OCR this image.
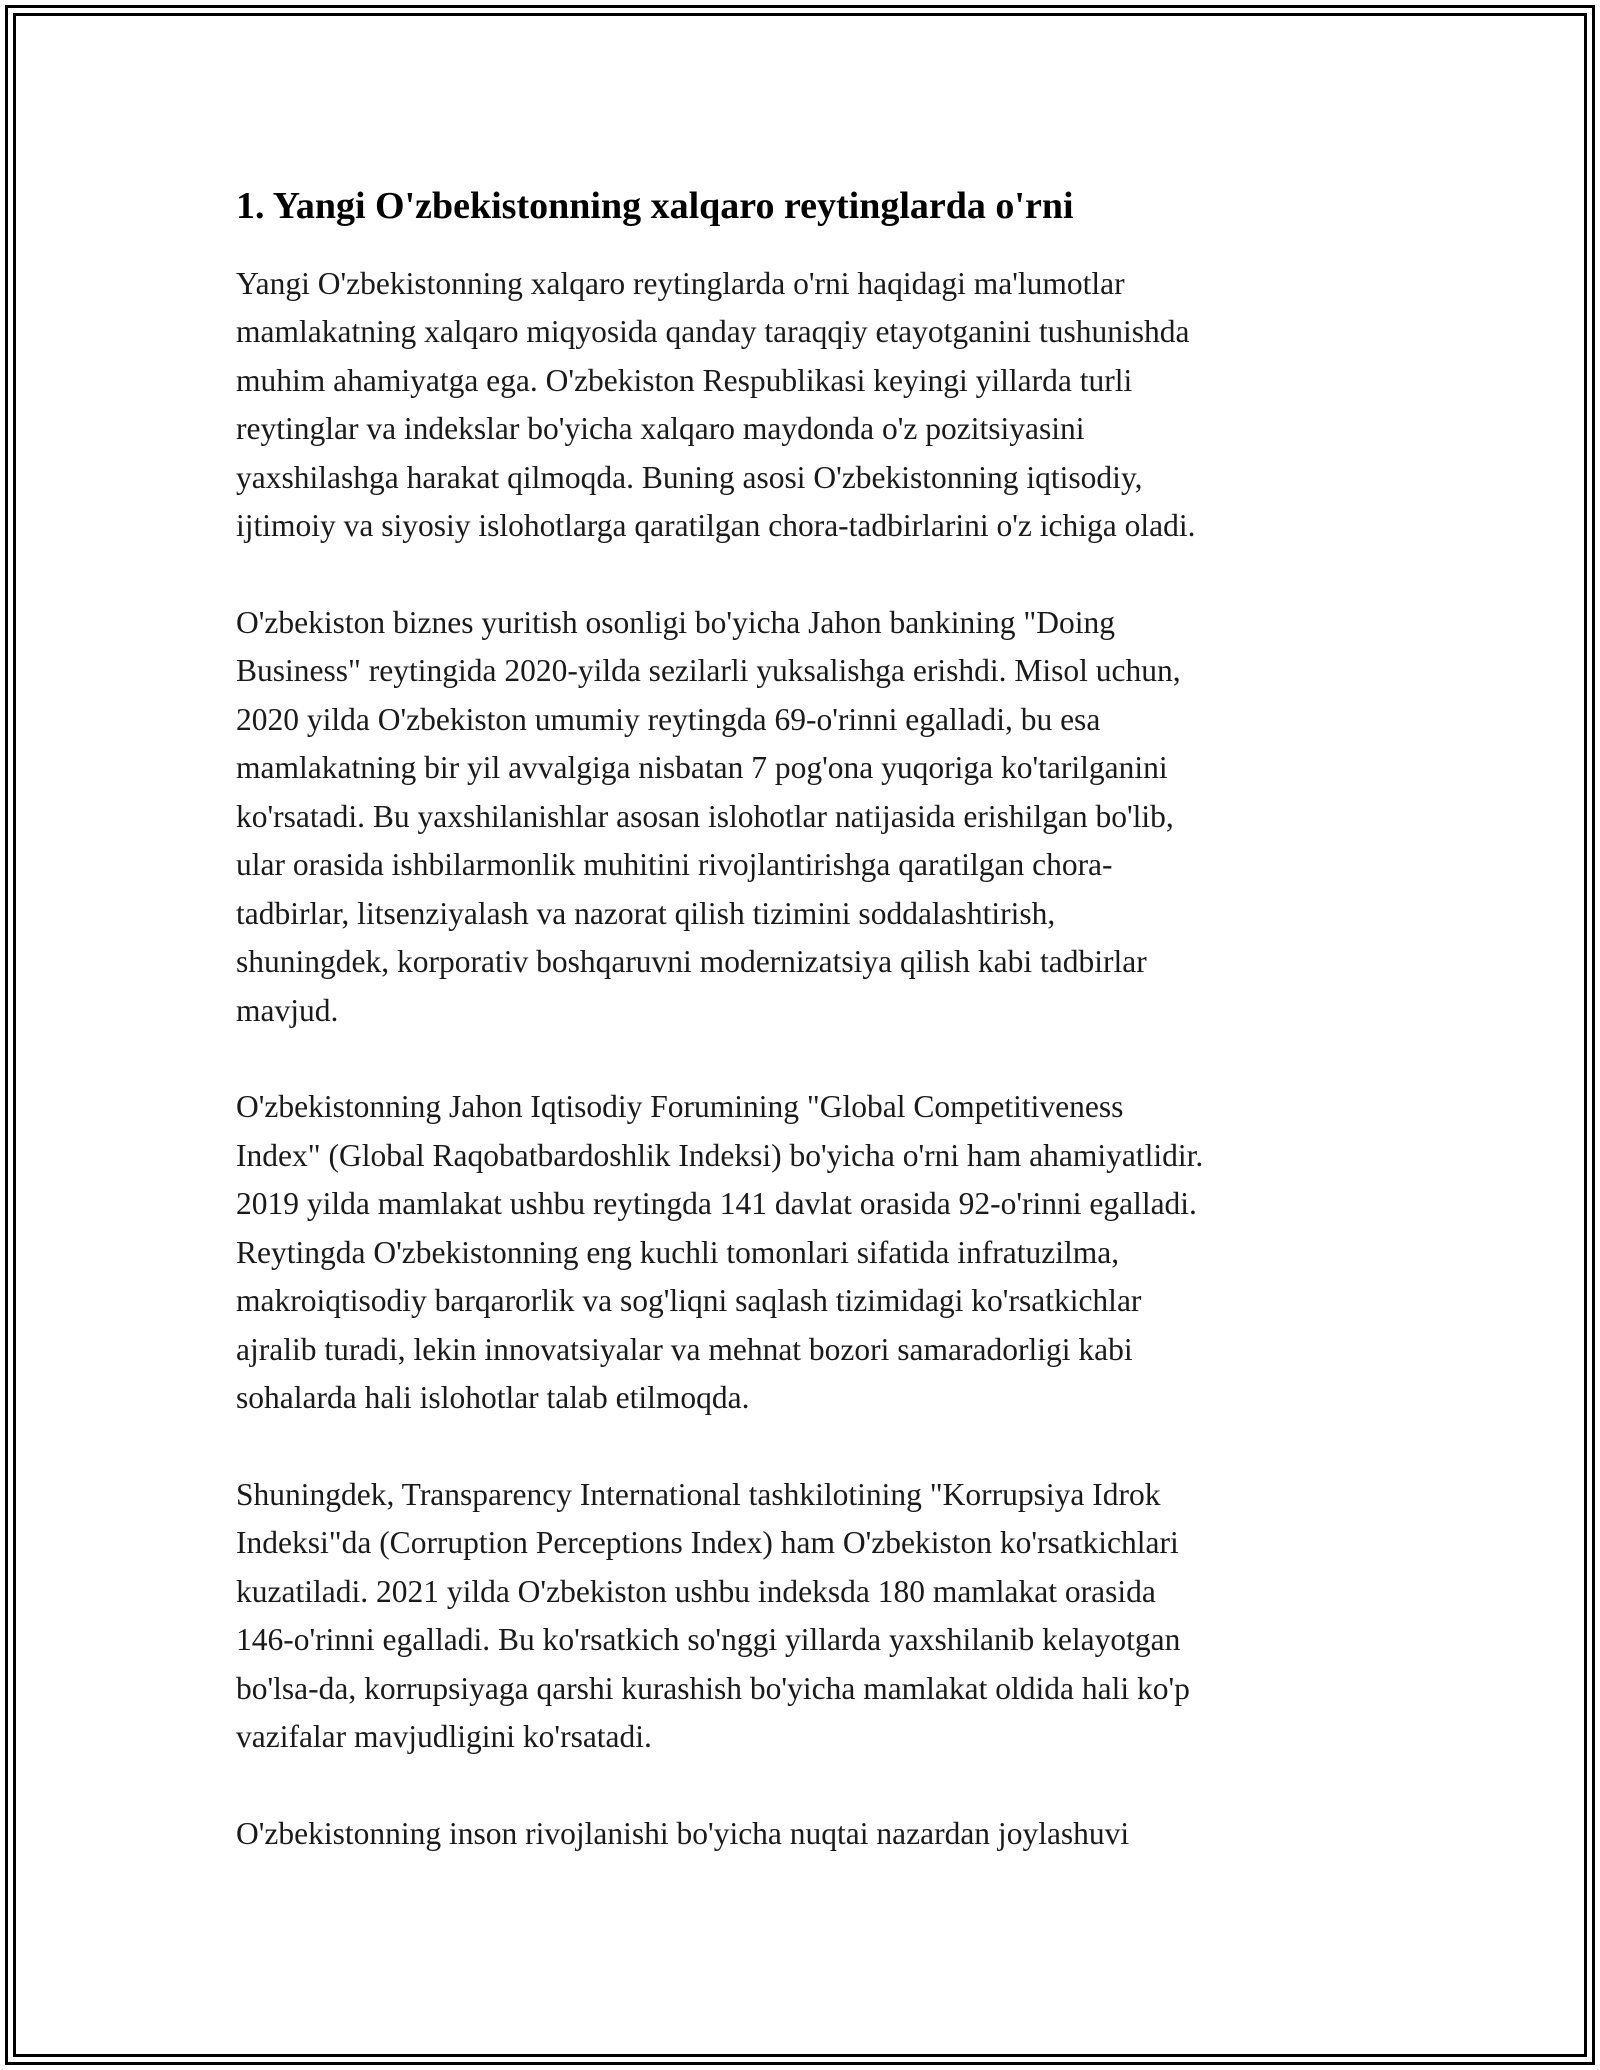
1. Yangi O'zbekistonning xalqaro reytinglarda o'rni

Yangi O'zbekistonning xalqaro reytinglarda o'rni haqidagi ma'lumotlar
mamlakatning xalqaro miqyosida qanday taraqqiy etayotganini tushunishda
muhim ahamiyatga ega. O'zbekiston Respublikasi keyingi yillarda turli
reytinglar va indekslar bo'yicha xalqaro maydonda o'z pozitsiyasini
yaxshilashga harakat qilmoqda. Buning asosi O'zbekistonning iqtisodiy,
ijtimoiy va siyosiy islohotlarga qaratilgan chora-tadbirlarini o'z ichiga oladi.

O'zbekiston biznes yuritish osonligi bo'yicha Jahon bankining "Doing
Business" reytingida 2020-yilda sezilarli yuksalishga erishdi. Misol uchun,
2020 yilda O'zbekiston umumiy reytingda 69-o'rinni egalladi, bu esa
mamlakatning bir yil avvalgiga nisbatan 7 pog'ona yuqoriga ko'tarilganini
ko'rsatadi. Bu yaxshilanishlar asosan islohotlar natijasida erishilgan bo'lib,
ular orasida ishbilarmonlik muhitini rivojlantirishga qaratilgan chora-
tadbirlar, litsenziyalash va nazorat qilish tizimini soddalashtirish,
shuningdek, korporativ boshqaruvni modernizatsiya qilish kabi tadbirlar
mavjud.

O'zbekistonning Jahon Iqtisodiy Forumining "Global Competitiveness
Index" (Global Raqobatbardoshlik Indeksi) bo'yicha o'rni ham ahamiyatlidir.
2019 yilda mamlakat ushbu reytingda 141 davlat orasida 92-o'rinni egalladi.
Reytingda O'zbekistonning eng kuchli tomonlari sifatida infratuzilma,
makroiqtisodiy barqarorlik va sog'liqni saqlash tizimidagi ko'rsatkichlar
ajralib turadi, lekin innovatsiyalar va mehnat bozori samaradorligi kabi
sohalarda hali islohotlar talab etilmoqda.

Shuningdek, Transparency International tashkilotining "Korrupsiya Idrok
Indeksi"da (Corruption Perceptions Index) ham O'zbekiston ko'rsatkichlari
kuzatiladi. 2021 yilda O'zbekiston ushbu indeksda 180 mamlakat orasida
146-o'rinni egalladi. Bu ko'rsatkich so'nggi yillarda yaxshilanib kelayotgan
bo'lsa-da, korrupsiyaga qarshi kurashish bo'yicha mamlakat oldida hali ko'p
vazifalar mavjudligini ko'rsatadi.

O'zbekistonning inson rivojlanishi bo'yicha nuqtai nazardan joylashuvi
